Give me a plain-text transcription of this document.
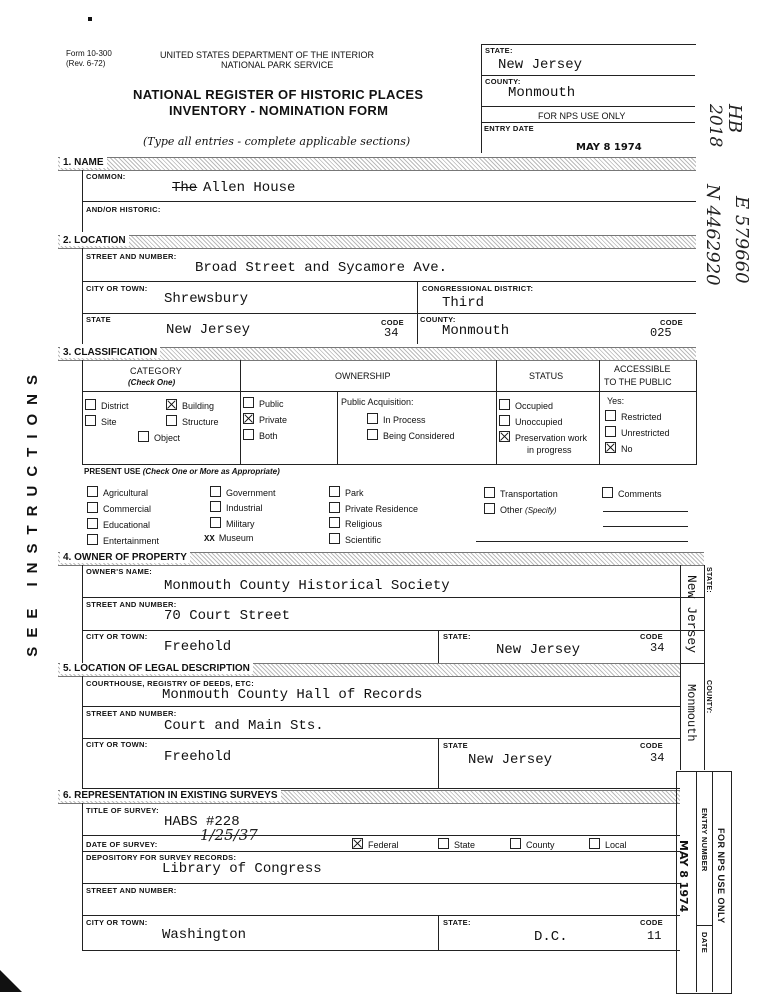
Form 10-300
(Rev. 6-72)
UNITED STATES DEPARTMENT OF THE INTERIOR
NATIONAL PARK SERVICE
NATIONAL REGISTER OF HISTORIC PLACES
INVENTORY - NOMINATION FORM
(Type all entries - complete applicable sections)
STATE:
New Jersey
COUNTY:
Monmouth
FOR NPS USE ONLY
ENTRY DATE
MAY 8 1974
HB
2018
N 4462920 E 579660
SEE INSTRUCTIONS
1. NAME
COMMON:
The Allen House
AND/OR HISTORIC:
2. LOCATION
STREET AND NUMBER:
Broad Street and Sycamore Ave.
CITY OR TOWN:
Shrewsbury
CONGRESSIONAL DISTRICT:
Third
STATE
New Jersey	CODE
34
COUNTY:
Monmouth
CODE
025
3. CLASSIFICATION
CATEGORY
(Check One)
OWNERSHIP	STATUS
ACCESSIBLE
TO THE PUBLIC
District	Building
Site	Structure
Object
Public
Private
Both
Public Acquisition:
In Process
Being Considered
Occupied
Unoccupied
Preservation work
in progress
Yes:
Restricted
Unrestricted
No
PRESENT USE (Check One or More as Appropriate)
Agricultural
Commercial
Educational
Entertainment
Government
Industrial
Military
XX Museum
Park
Private Residence
Religious
Scientific
Transportation
Other (Specify)
Comments
4. OWNER OF PROPERTY
OWNER'S NAME:
Monmouth County Historical Society
STREET AND NUMBER:
70 Court Street
CITY OR TOWN:
Freehold
STATE:
New Jersey
CODE
34
STATE:
New Jersey
COUNTY:
Monmouth
5. LOCATION OF LEGAL DESCRIPTION
COURTHOUSE, REGISTRY OF DEEDS, ETC:
Monmouth County Hall of Records
STREET AND NUMBER:
Court and Main Sts.
CITY OR TOWN:
Freehold
STATE
New Jersey
CODE
34
6. REPRESENTATION IN EXISTING SURVEYS
TITLE OF SURVEY:
HABS #228
1/25/37
DATE OF SURVEY:	Federal	State	County	Local
DEPOSITORY FOR SURVEY RECORDS:
Library of Congress
STREET AND NUMBER:
CITY OR TOWN:
Washington
STATE:
D.C.
CODE
11
ENTRY NUMBER
DATE
FOR NPS USE ONLY
MAY 8 1974
